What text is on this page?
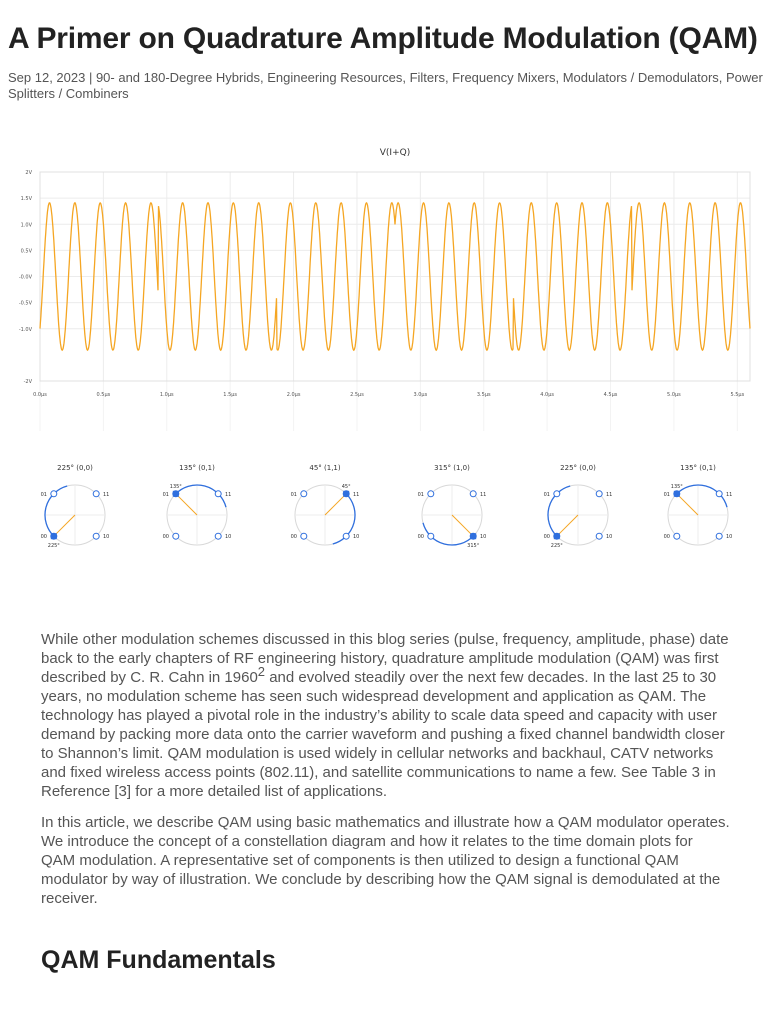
A Primer on Quadrature Amplitude Modulation (QAM)
Sep 12, 2023 | 90- and 180-Degree Hybrids, Engineering Resources, Filters, Frequency Mixers, Modulators / Demodulators, Power Splitters / Combiners
V(I+Q)
2V
1.5V
1.0V
0.5V
-0.0V
-0.5V
-1.0V
-2V
0.0µs	0.5µs	1.0µs	1.5µs	2.0µs	2.5µs	3.0µs	3.5µs	4.0µs	4.5µs	5.0µs	5.5µs
225° (0,0)
01	11
00	10
225°
135° (0,1)
01	11
00	10
135°
45° (1,1)
01	11
00	10
45°
315° (1,0)
01	11
00	10
315°
225° (0,0)
01	11
00	10
225°
135° (0,1)
01	11
00	10
135°

While other modulation schemes discussed in this blog series (pulse, frequency, amplitude, phase) date back to the early chapters of RF engineering history, quadrature amplitude modulation (QAM) was first described by C. R. Cahn in 1960$^2$ and evolved steadily over the next few decades. In the last 25 to 30 years, no modulation scheme has seen such widespread development and application as QAM. The technology has played a pivotal role in the industry’s ability to scale data speed and capacity with user demand by packing more data onto the carrier waveform and pushing a fixed channel bandwidth closer to Shannon’s limit. QAM modulation is used widely in cellular networks and backhaul, CATV networks and fixed wireless access points (802.11), and satellite communications to name a few. See Table 3 in Reference [3] for a more detailed list of applications.

In this article, we describe QAM using basic mathematics and illustrate how a QAM modulator operates. We introduce the concept of a constellation diagram and how it relates to the time domain plots for QAM modulation. A representative set of components is then utilized to design a functional QAM modulator by way of illustration. We conclude by describing how the QAM signal is demodulated at the receiver.

QAM Fundamentals
